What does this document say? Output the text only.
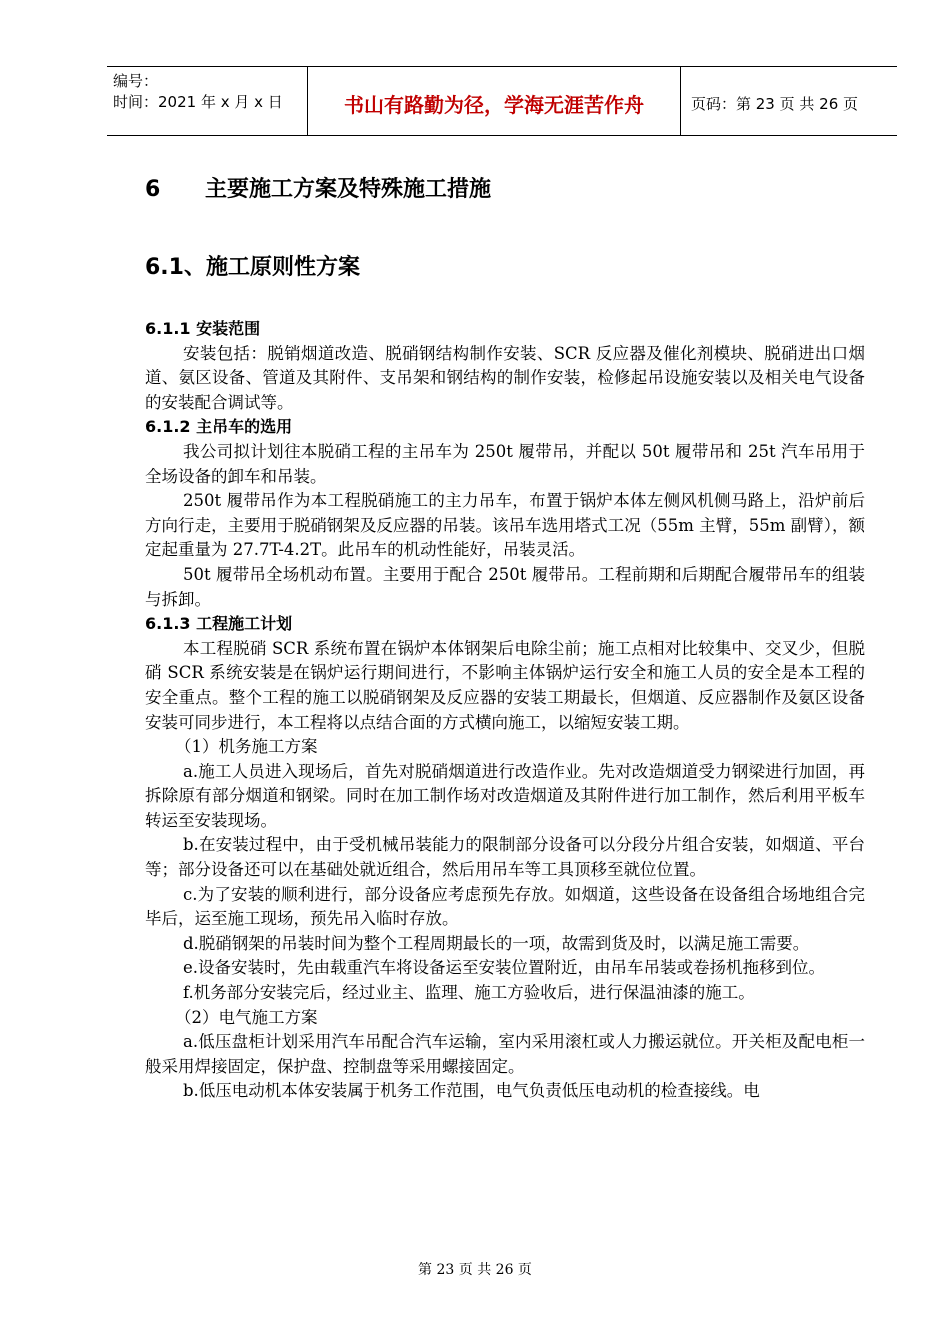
编号：
时间：2021 年 x 月 x 日	书山有路勤为径，学海无涯苦作舟	页码：第 23 页 共 26 页
6 主要施工方案及特殊施工措施
6.1、施工原则性方案

6.1.1 安装范围

安装包括：脱销烟道改造、脱硝钢结构制作安装、SCR 反应器及催化剂模块、脱硝进出口烟道、氨区设备、管道及其附件、支吊架和钢结构的制作安装，检修起吊设施安装以及相关电气设备的安装配合调试等。

6.1.2 主吊车的选用

我公司拟计划往本脱硝工程的主吊车为 250t 履带吊，并配以 50t 履带吊和 25t 汽车吊用于全场设备的卸车和吊装。

250t 履带吊作为本工程脱硝施工的主力吊车，布置于锅炉本体左侧风机侧马路上，沿炉前后方向行走，主要用于脱硝钢架及反应器的吊装。该吊车选用塔式工况（55m 主臂，55m 副臂），额定起重量为 27.7T-4.2T。此吊车的机动性能好，吊装灵活。

50t 履带吊全场机动布置。主要用于配合 250t 履带吊。工程前期和后期配合履带吊车的组装与拆卸。

6.1.3 工程施工计划

本工程脱硝 SCR 系统布置在锅炉本体钢架后电除尘前；施工点相对比较集中、交叉少，但脱硝 SCR 系统安装是在锅炉运行期间进行，不影响主体锅炉运行安全和施工人员的安全是本工程的安全重点。整个工程的施工以脱硝钢架及反应器的安装工期最长，但烟道、反应器制作及氨区设备安装可同步进行，本工程将以点结合面的方式横向施工，以缩短安装工期。

（1）机务施工方案

a.施工人员进入现场后，首先对脱硝烟道进行改造作业。先对改造烟道受力钢梁进行加固，再拆除原有部分烟道和钢梁。同时在加工制作场对改造烟道及其附件进行加工制作，然后利用平板车转运至安装现场。

b.在安装过程中，由于受机械吊装能力的限制部分设备可以分段分片组合安装，如烟道、平台等；部分设备还可以在基础处就近组合，然后用吊车等工具顶移至就位位置。

c.为了安装的顺利进行，部分设备应考虑预先存放。如烟道，这些设备在设备组合场地组合完毕后，运至施工现场，预先吊入临时存放。

d.脱硝钢架的吊装时间为整个工程周期最长的一项，故需到货及时，以满足施工需要。

e.设备安装时，先由载重汽车将设备运至安装位置附近，由吊车吊装或卷扬机拖移到位。

f.机务部分安装完后，经过业主、监理、施工方验收后，进行保温油漆的施工。

（2）电气施工方案

a.低压盘柜计划采用汽车吊配合汽车运输，室内采用滚杠或人力搬运就位。开关柜及配电柜一般采用焊接固定，保护盘、控制盘等采用螺接固定。

b.低压电动机本体安装属于机务工作范围，电气负责低压电动机的检查接线。电

第 23 页 共 26 页
